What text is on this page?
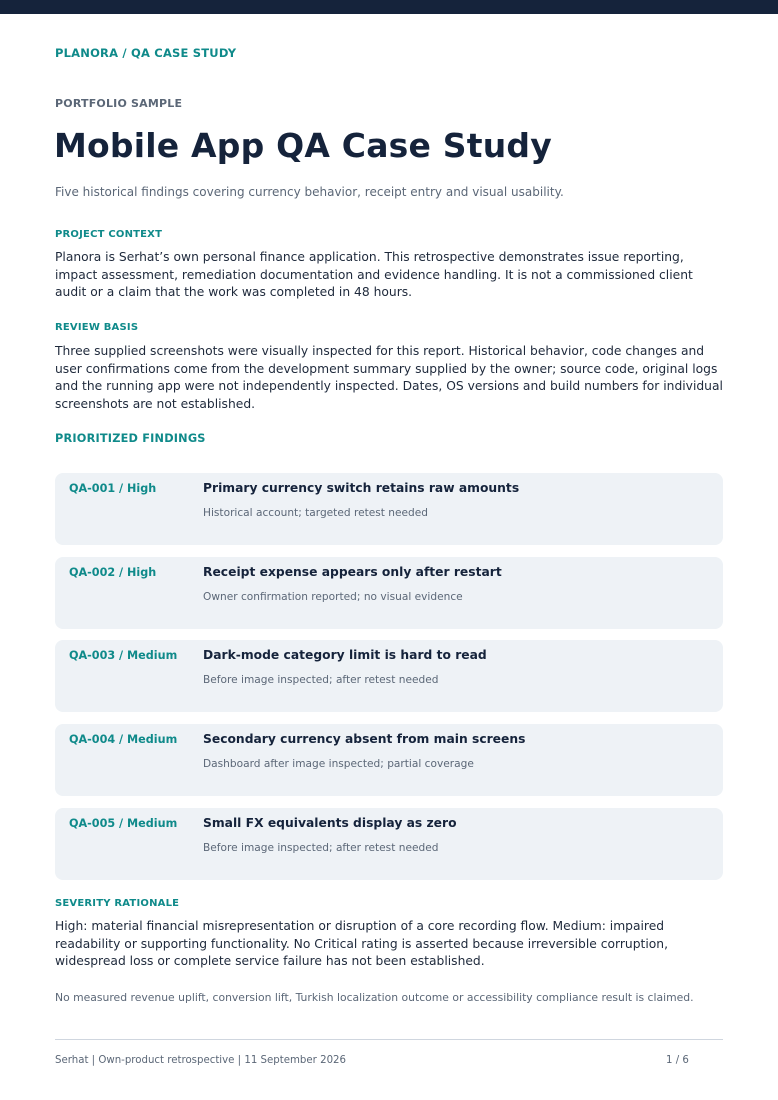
PLANORA / QA CASE STUDY
PORTFOLIO SAMPLE
Mobile App QA Case Study
Five historical findings covering currency behavior, receipt entry and visual usability.
PROJECT CONTEXT

Planora is Serhat’s own personal finance application. This retrospective demonstrates issue reporting, impact assessment, remediation documentation and evidence handling. It is not a commissioned client audit or a claim that the work was completed in 48 hours.

REVIEW BASIS

Three supplied screenshots were visually inspected for this report. Historical behavior, code changes and user confirmations come from the development summary supplied by the owner; source code, original logs and the running app were not independently inspected. Dates, OS versions and build numbers for individual screenshots are not established.

PRIORITIZED FINDINGS
QA-001 / High	Primary currency switch retains raw amounts
Historical account; targeted retest needed
QA-002 / High	Receipt expense appears only after restart
Owner confirmation reported; no visual evidence
QA-003 / Medium Dark-mode category limit is hard to read
Before image inspected; after retest needed
QA-004 / Medium Secondary currency absent from main screens
Dashboard after image inspected; partial coverage
QA-005 / Medium Small FX equivalents display as zero
Before image inspected; after retest needed
SEVERITY RATIONALE

High: material financial misrepresentation or disruption of a core recording flow. Medium: impaired readability or supporting functionality. No Critical rating is asserted because irreversible corruption, widespread loss or complete service failure has not been established.

No measured revenue uplift, conversion lift, Turkish localization outcome or accessibility compliance result is claimed.
Serhat | Own-product retrospective | 11 September 2026	1 / 6
